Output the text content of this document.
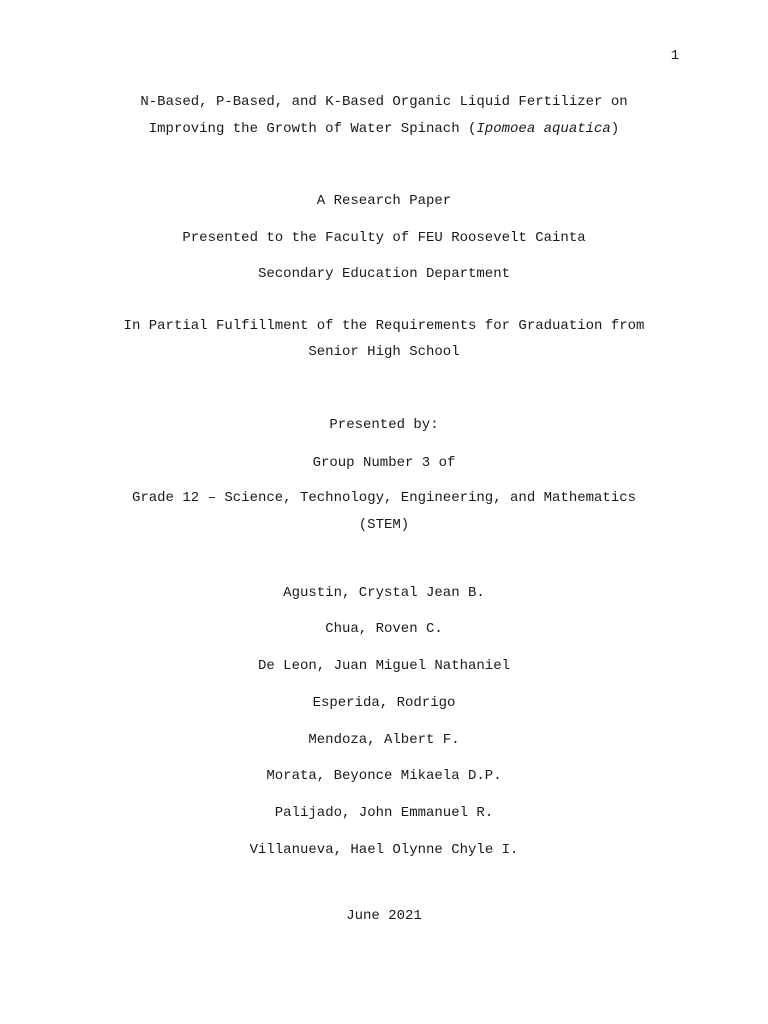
1
N-Based, P-Based, and K-Based Organic Liquid Fertilizer on
Improving the Growth of Water Spinach (Ipomoea aquatica)
A Research Paper
Presented to the Faculty of FEU Roosevelt Cainta
Secondary Education Department
In Partial Fulfillment of the Requirements for Graduation from
Senior High School
Presented by:
Group Number 3 of
Grade 12 – Science, Technology, Engineering, and Mathematics
(STEM)
Agustin, Crystal Jean B.
Chua, Roven C.
De Leon, Juan Miguel Nathaniel
Esperida, Rodrigo
Mendoza, Albert F.
Morata, Beyonce Mikaela D.P.
Palijado, John Emmanuel R.
Villanueva, Hael Olynne Chyle I.
June 2021
